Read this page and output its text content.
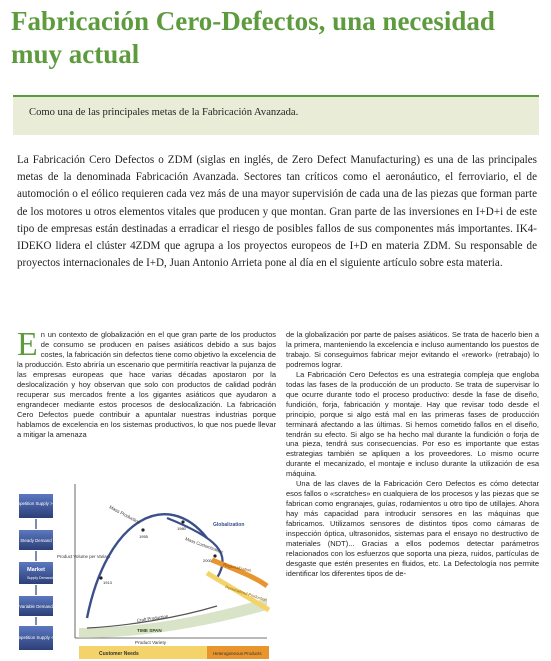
Fabricación Cero-Defectos, una necesidad muy actual
Como una de las principales metas de la Fabricación Avanzada.

La Fabricación Cero Defectos o ZDM (siglas en inglés, de Zero Defect Manufacturing) es una de las principales metas de la denominada Fabricación Avanzada. Sectores tan críticos como el aeronáutico, el ferroviario, el de automoción o el eólico requieren cada vez más de una mayor supervisión de cada una de las piezas que forman parte de los motores u otros elementos vitales que producen y que montan. Gran parte de las inversiones en I+D+i de este tipo de empresas están destinadas a erradicar el riesgo de posibles fallos de sus componentes más importantes. IK4-IDEKO lidera el clúster 4ZDM que agrupa a los proyectos europeos de I+D en materia ZDM. Su responsable de proyectos internacionales de I+D, Juan Antonio Arrieta pone al día en el siguiente artículo sobre esta materia.

En un contexto de globalización en el que gran parte de los productos de consumo se producen en países asiáticos debido a sus bajos costes, la fabricación sin defectos tiene como objetivo la excelencia de la producción. Esto abriría un escenario que permitiría reactivar la pujanza de las empresas europeas que hace varias décadas apostaron por la deslocalización y hoy observan que solo con productos de calidad podrán recuperar sus mercados frente a los gigantes asiáticos que ayudaron a engrandecer mediante estos procesos de deslocalización. La fabricación Cero Defectos puede contribuir a apuntalar nuestras industrias porque hablamos de excelencia en los sistemas productivos, lo que nos puede llevar a mitigar la amenaza

de la globalización por parte de países asiáticos. Se trata de hacerlo bien a la primera, manteniendo la excelencia e incluso aumentando los puestos de trabajo. Si conseguimos fabricar mejor evitando el «rework» (retrabajo) lo podremos lograr.

La Fabricación Cero Defectos es una estrategia compleja que engloba todas las fases de la producción de un producto. Se trata de supervisar lo que ocurre durante todo el proceso productivo: desde la fase de diseño, fundición, forja, fabricación y montaje. Hay que revisar todo desde el principio, porque si algo está mal en las primeras fases de producción terminará afectando a las últimas. Si hemos cometido fallos en el diseño, tendrán su efecto. Si algo se ha hecho mal durante la fundición o forja de una pieza, tendrá sus consecuencias. Por eso es importante que estas estrategias también se apliquen a los proveedores. Lo mismo ocurre durante el mecanizado, el montaje e incluso durante la utilización de esa máquina.

Una de las claves de la Fabricación Cero Defectos es cómo detectar esos fallos o «scratches» en cualquiera de los procesos y las piezas que se fabrican como engranajes, guías, rodamientos u otro tipo de utillajes. Ahora hay más capacidad para introducir sensores en las máquinas que fabricamos. Utilizamos sensores de distintos tipos como cámaras de inspección óptica, ultrasonidos, sistemas para el ensayo no destructivo de materiales (NDT)... Gracias a ellos podemos detectar parámetros relacionados con los esfuerzos que soporta una pieza, ruidos, partículas de desgaste que estén presentes en fluidos, etc. La Defectología nos permite identificar los diferentes tipos de de-

Low Competition Supply > Demand
Steady Demand
Market
Supply Demand
Variable Demand
More Competition Supply < Demand
Product Volume per Variant
Product Variety
TIME SPAN
Mass Production
Mass Customization
Globalization
Regionalization
Personalized Production
Craft Production
1913
1955
1980
2000
Customer Needs	Heterogeneous Products
